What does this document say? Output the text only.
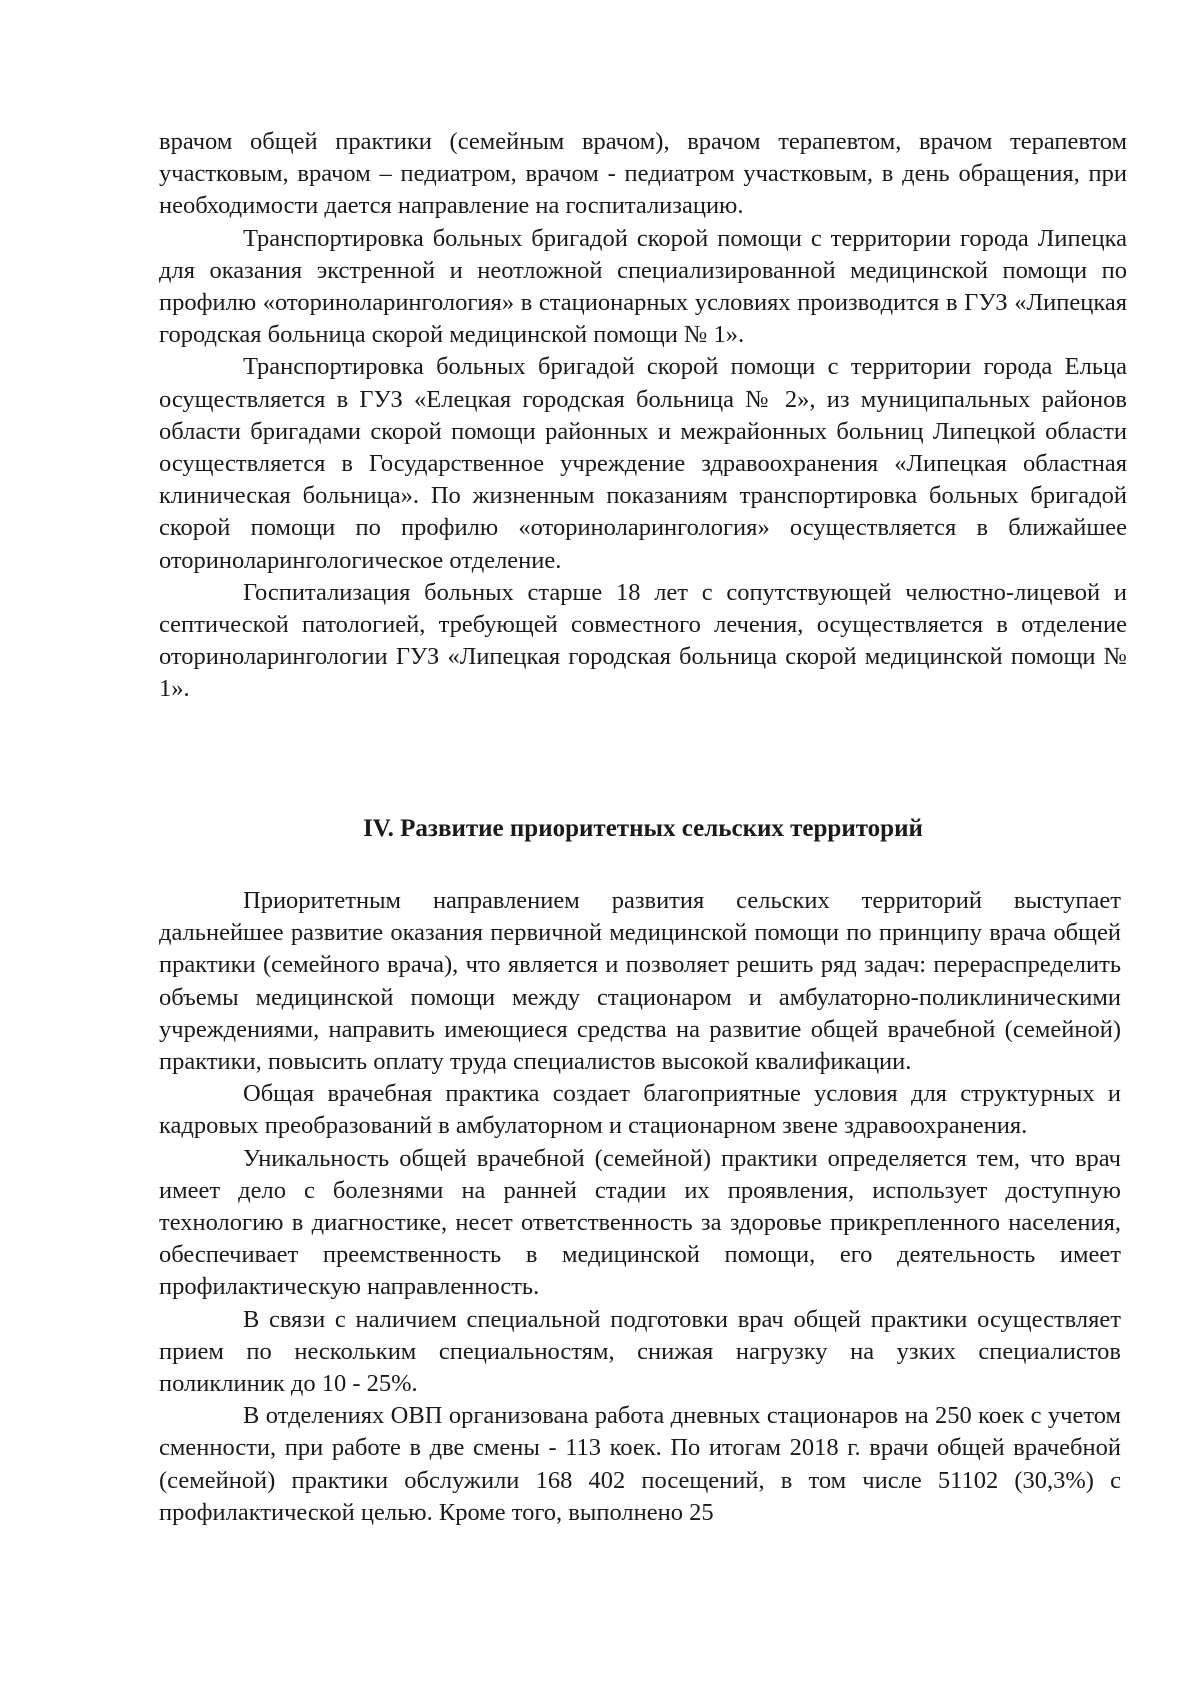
врачом общей практики (семейным врачом), врачом терапевтом, врачом терапевтом участковым, врачом – педиатром, врачом - педиатром участковым, в день обращения, при необходимости дается направление на госпитализацию.

Транспортировка больных бригадой скорой помощи с территории города Липецка для оказания экстренной и неотложной специализированной медицинской помощи по профилю «оториноларингология» в стационарных условиях производится в ГУЗ «Липецкая городская больница скорой медицинской помощи № 1».

Транспортировка больных бригадой скорой помощи с территории города Ельца осуществляется в ГУЗ «Елецкая городская больница № 2», из муниципальных районов области бригадами скорой помощи районных и межрайонных больниц Липецкой области осуществляется в Государственное учреждение здравоохранения «Липецкая областная клиническая больница». По жизненным показаниям транспортировка больных бригадой скорой помощи по профилю «оториноларингология» осуществляется в ближайшее оториноларингологическое отделение.

Госпитализация больных старше 18 лет с сопутствующей челюстно-лицевой и септической патологией, требующей совместного лечения, осуществляется в отделение оториноларингологии ГУЗ «Липецкая городская больница скорой медицинской помощи № 1».

IV. Развитие приоритетных сельских территорий

Приоритетным направлением развития сельских территорий выступает дальнейшее развитие оказания первичной медицинской помощи по принципу врача общей практики (семейного врача), что является и позволяет решить ряд задач: перераспределить объемы медицинской помощи между стационаром и амбулаторно-поликлиническими учреждениями, направить имеющиеся средства на развитие общей врачебной (семейной) практики, повысить оплату труда специалистов высокой квалификации.

Общая врачебная практика создает благоприятные условия для структурных и кадровых преобразований в амбулаторном и стационарном звене здравоохранения.

Уникальность общей врачебной (семейной) практики определяется тем, что врач имеет дело с болезнями на ранней стадии их проявления, использует доступную технологию в диагностике, несет ответственность за здоровье прикрепленного населения, обеспечивает преемственность в медицинской помощи, его деятельность имеет профилактическую направленность.

В связи с наличием специальной подготовки врач общей практики осуществляет прием по нескольким специальностям, снижая нагрузку на узких специалистов поликлиник до 10 - 25%.

В отделениях ОВП организована работа дневных стационаров на 250 коек с учетом сменности, при работе в две смены - 113 коек. По итогам 2018 г. врачи общей врачебной (семейной) практики обслужили 168 402 посещений, в том числе 51102 (30,3%) с профилактической целью. Кроме того, выполнено 25
